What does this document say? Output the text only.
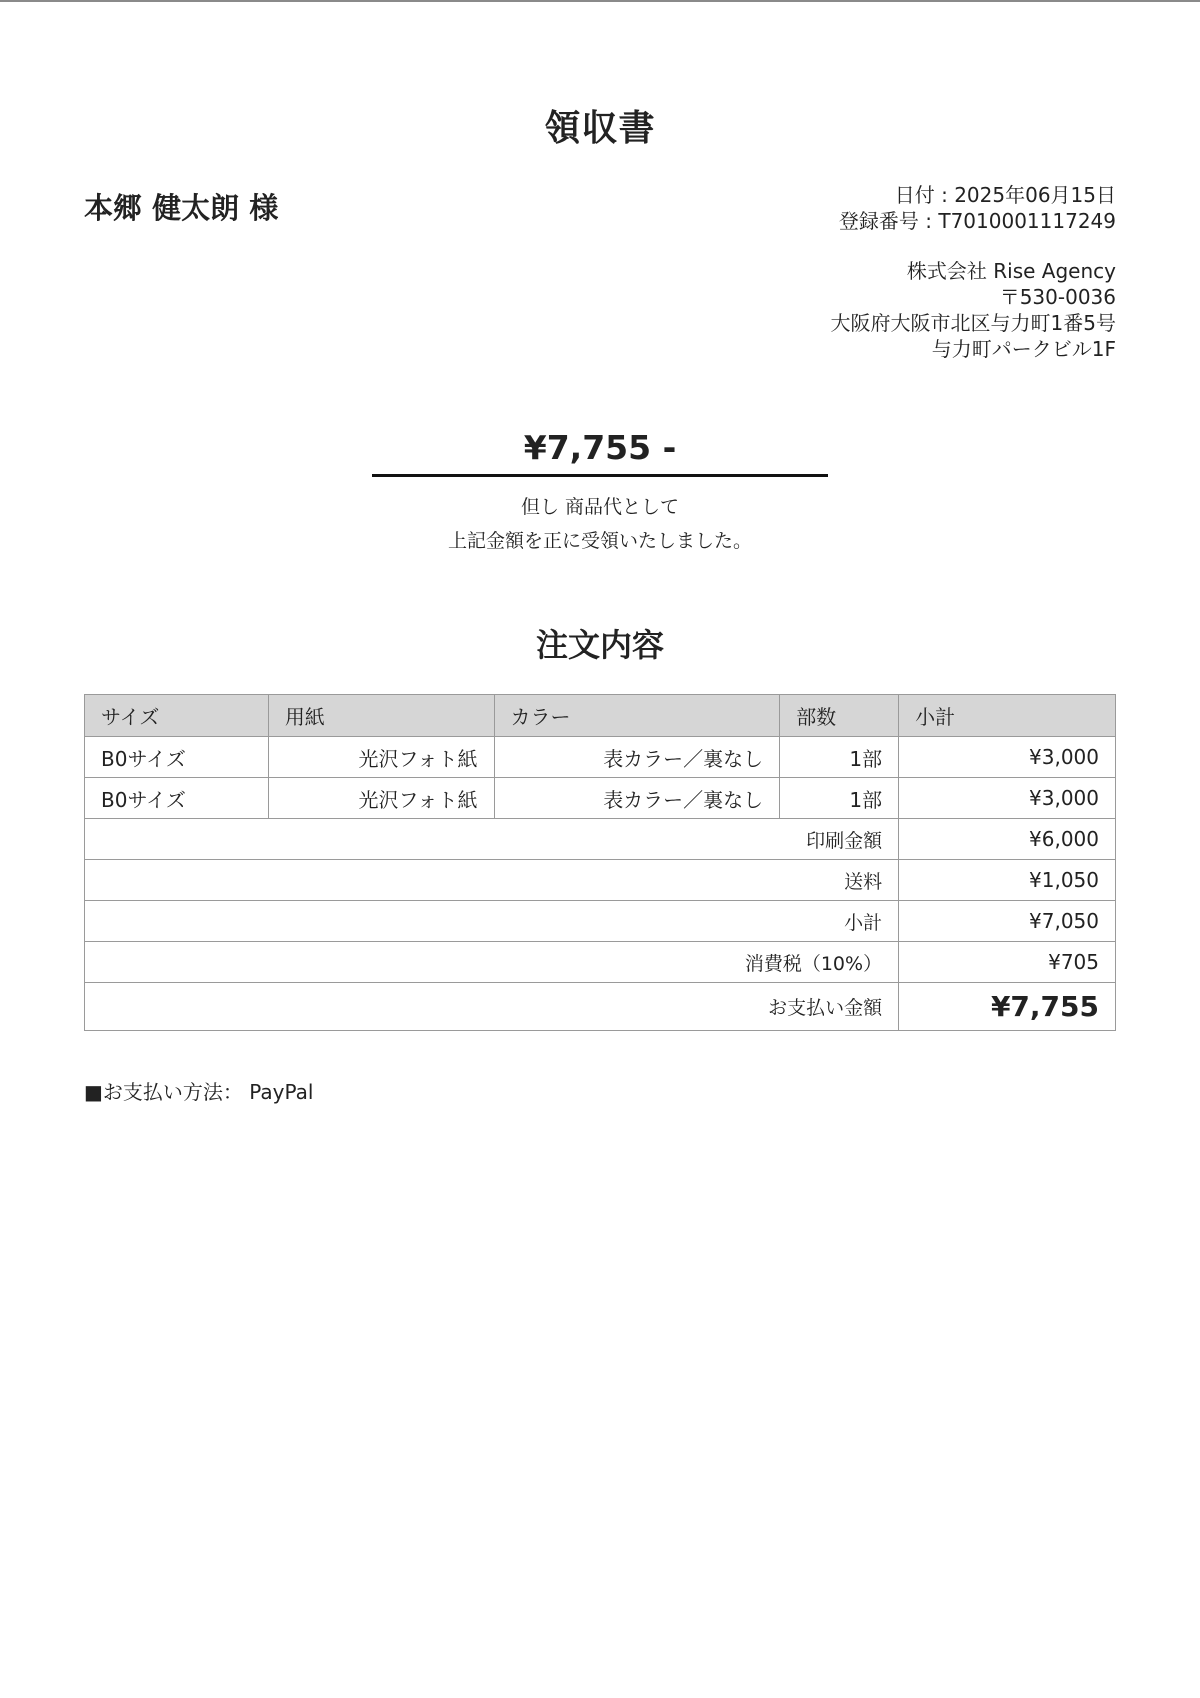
領収書
本郷 健太朗 様	日付 : 2025年06月15日
登録番号 : T7010001117249
株式会社 Rise Agency
〒530-0036
大阪府大阪市北区与力町1番5号
与力町パークビル1F
¥7,755 -
但し 商品代として
上記金額を正に受領いたしました。
注文内容
サイズ	用紙	カラー	部数	小計
B0サイズ	光沢フォト紙	表カラー／裏なし	1部	¥3,000
B0サイズ	光沢フォト紙	表カラー／裏なし	1部	¥3,000
印刷金額				¥6,000
送料				¥1,050
小計				¥7,050
消費税（10%）				¥705
お支払い金額				¥7,755
■お支払い方法： PayPal
